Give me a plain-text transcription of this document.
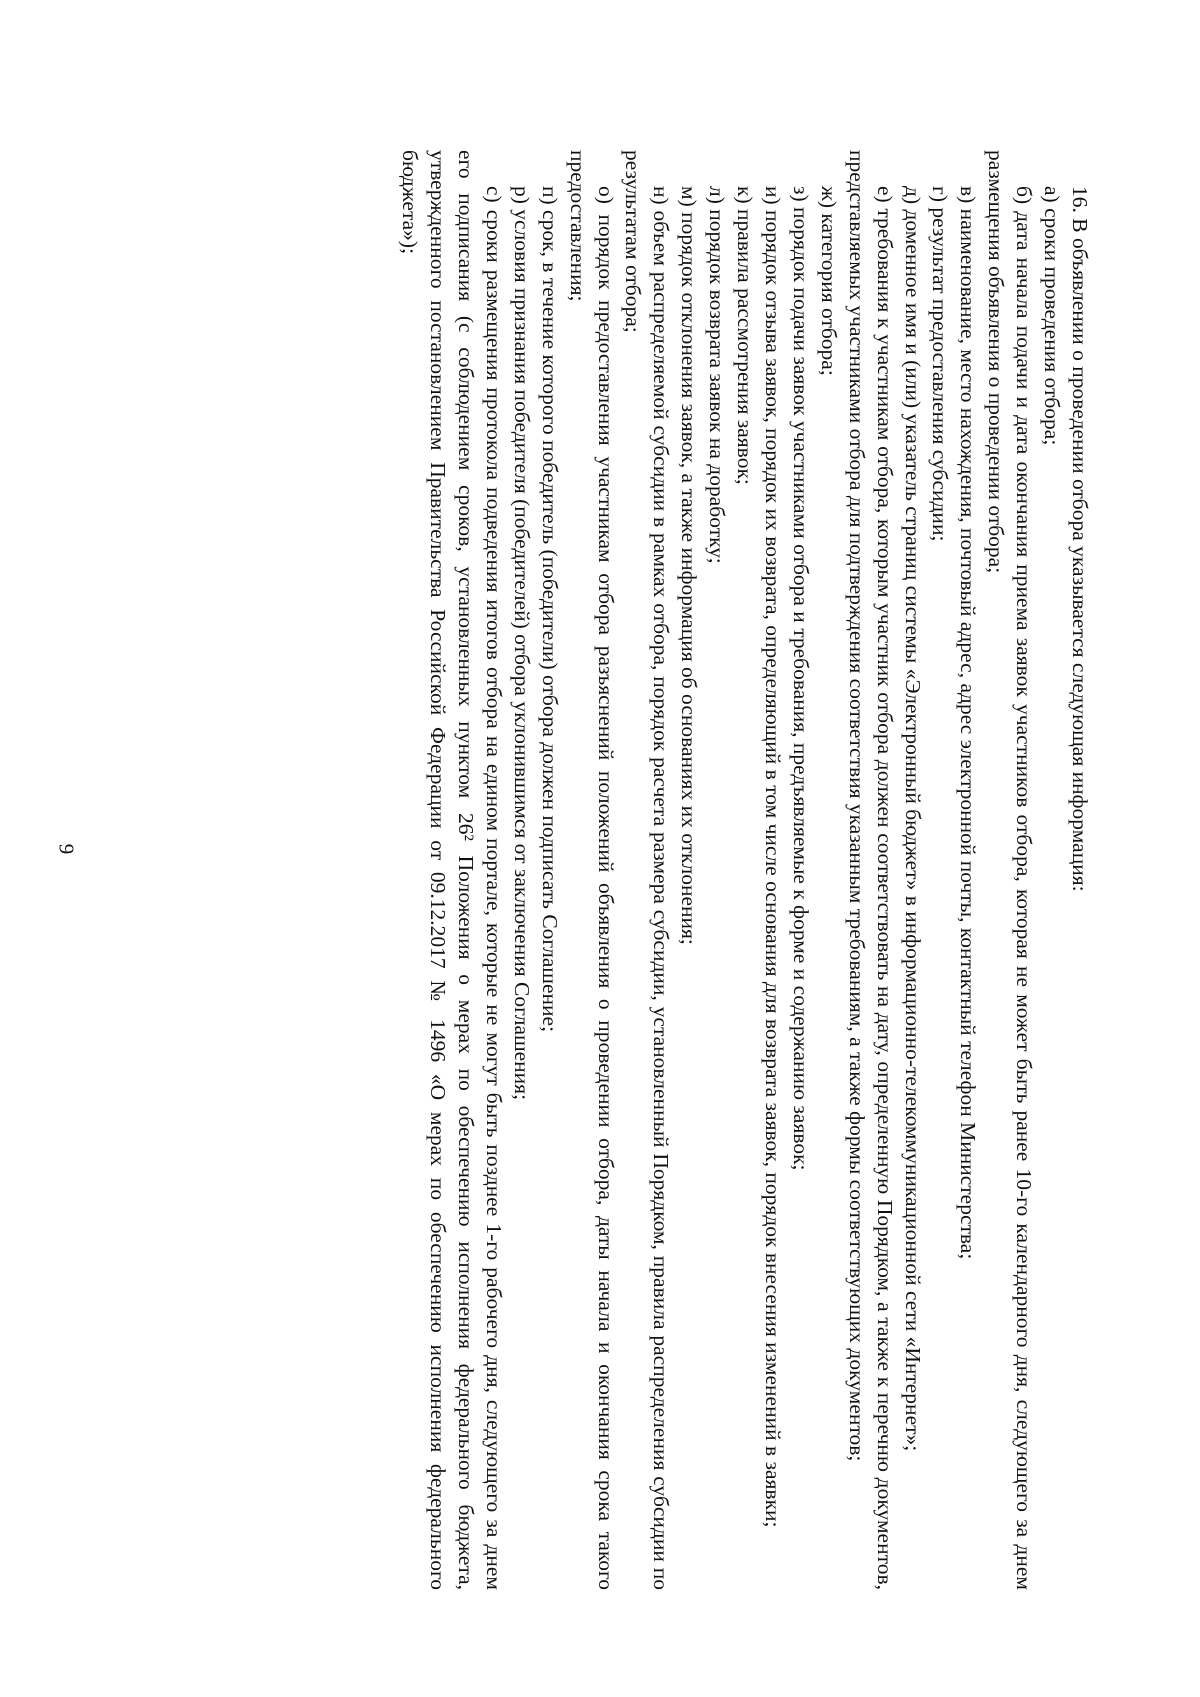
9	16. В объявлении о проведении отбора указывается следующая информация:

а) сроки проведения отбора;

б) дата начала подачи и дата окончания приема заявок участников отбора, которая не может быть ранее 10-го календарного дня, следующего за днем размещения объявления о проведении отбора;

в) наименование, место нахождения, почтовый адрес, адрес электронной почты, контактный телефон Министерства;

г) результат предоставления субсидии;

д) доменное имя и (или) указатель страниц системы «Электронный бюджет» в информационно-телекоммуникационной сети «Интернет»;

е) требования к участникам отбора, которым участник отбора должен соответствовать на дату, определенную Порядком, а также к перечню документов, представляемых участниками отбора для подтверждения соответствия указанным требованиям, а также формы соответствующих документов;

ж) категория отбора;

з) порядок подачи заявок участниками отбора и требования, предъявляемые к форме и содержанию заявок;

и) порядок отзыва заявок, порядок их возврата, определяющий в том числе основания для возврата заявок, порядок внесения изменений в заявки;

к) правила рассмотрения заявок;

л) порядок возврата заявок на доработку;

м) порядок отклонения заявок, а также информация об основаниях их отклонения;

н) объем распределяемой субсидии в рамках отбора, порядок расчета размера субсидии, установленный Порядком, правила распределения субсидии по результатам отбора;

о) порядок предоставления участникам отбора разъяснений положений объявления о проведении отбора, даты начала и окончания срока такого предоставления;

п) срок, в течение которого победитель (победители) отбора должен подписать Соглашение;

р) условия признания победителя (победителей) отбора уклонившимся от заключения Соглашения;

с) сроки размещения протокола подведения итогов отбора на едином портале, которые не могут быть позднее 1-го рабочего дня, следующего за днем его подписания (с соблюдением сроков, установленных пунктом 26² Положения о мерах по обеспечению исполнения федерального бюджета, утвержденного постановлением Правительства Российской Федерации от 09.12.2017 № 1496 «О мерах по обеспечению исполнения федерального бюджета»);
